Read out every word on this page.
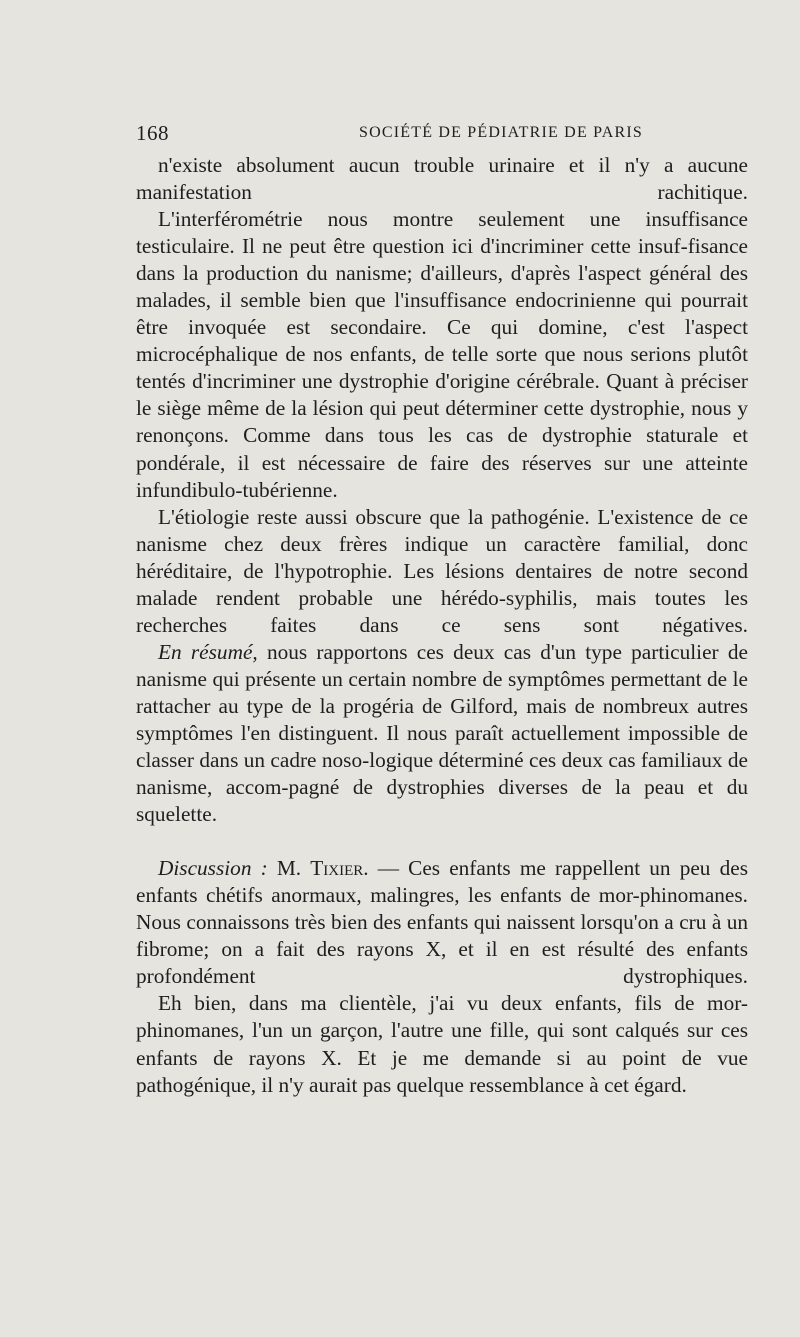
168	SOCIÉTÉ DE PÉDIATRIE DE PARIS

n'existe absolument aucun trouble urinaire et il n'y a aucune manifestation rachitique.

L'interférométrie nous montre seulement une insuffisance testiculaire. Il ne peut être question ici d'incriminer cette insuf-fisance dans la production du nanisme; d'ailleurs, d'après l'aspect général des malades, il semble bien que l'insuffisance endocrinienne qui pourrait être invoquée est secondaire. Ce qui domine, c'est l'aspect microcéphalique de nos enfants, de telle sorte que nous serions plutôt tentés d'incriminer une dystrophie d'origine cérébrale. Quant à préciser le siège même de la lésion qui peut déterminer cette dystrophie, nous y renonçons. Comme dans tous les cas de dystrophie staturale et pondérale, il est nécessaire de faire des réserves sur une atteinte infundibulo-tubérienne.

L'étiologie reste aussi obscure que la pathogénie. L'existence de ce nanisme chez deux frères indique un caractère familial, donc héréditaire, de l'hypotrophie. Les lésions dentaires de notre second malade rendent probable une hérédo-syphilis, mais toutes les recherches faites dans ce sens sont négatives.

En résumé, nous rapportons ces deux cas d'un type particulier de nanisme qui présente un certain nombre de symptômes permettant de le rattacher au type de la progéria de Gilford, mais de nombreux autres symptômes l'en distinguent. Il nous paraît actuellement impossible de classer dans un cadre noso-logique déterminé ces deux cas familiaux de nanisme, accom-pagné de dystrophies diverses de la peau et du squelette.

Discussion : M. Tixier. — Ces enfants me rappellent un peu des enfants chétifs anormaux, malingres, les enfants de mor-phinomanes. Nous connaissons très bien des enfants qui naissent lorsqu'on a cru à un fibrome; on a fait des rayons X, et il en est résulté des enfants profondément dystrophiques.

Eh bien, dans ma clientèle, j'ai vu deux enfants, fils de mor-phinomanes, l'un un garçon, l'autre une fille, qui sont calqués sur ces enfants de rayons X. Et je me demande si au point de vue pathogénique, il n'y aurait pas quelque ressemblance à cet égard.
